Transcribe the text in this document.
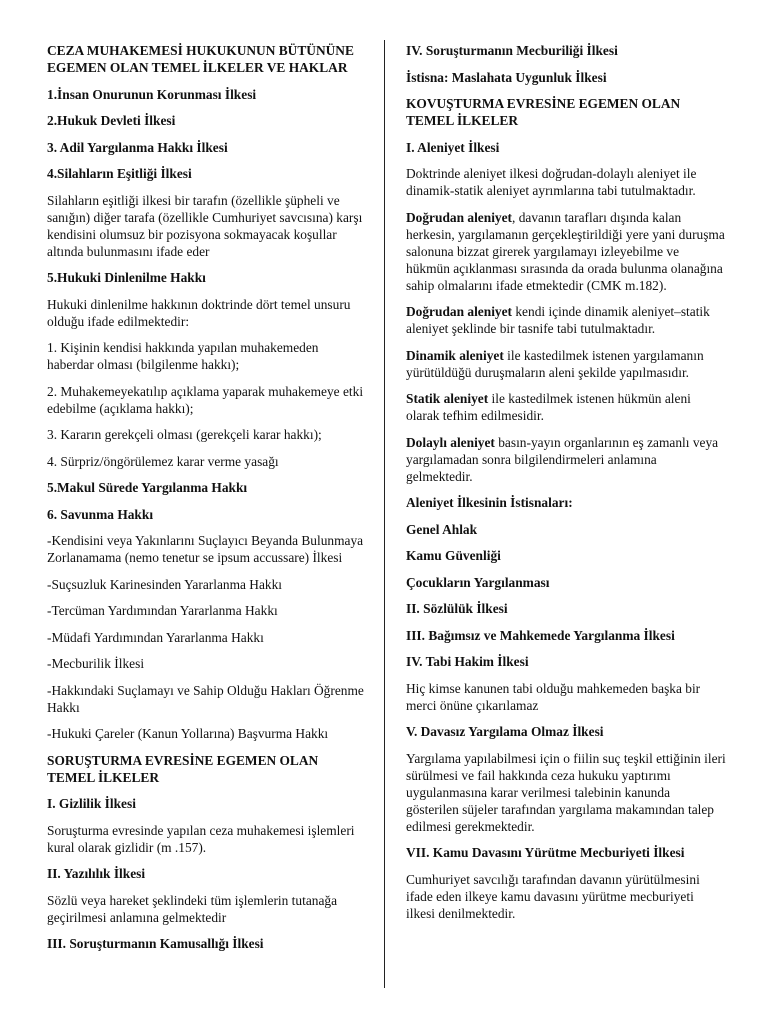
CEZA MUHAKEMESİ HUKUKUNUN BÜTÜNÜNE EGEMEN OLAN TEMEL İLKELER VE HAKLAR
1.İnsan Onurunun Korunması İlkesi
2.Hukuk Devleti İlkesi
3. Adil Yargılanma Hakkı İlkesi
4.Silahların Eşitliği İlkesi
Silahların eşitliği ilkesi bir tarafın (özellikle şüpheli ve sanığın) diğer tarafa (özellikle Cumhuriyet savcısına) karşı kendisini olumsuz bir pozisyona sokmayacak koşullar altında bulunmasını ifade eder
5.Hukuki Dinlenilme Hakkı
Hukuki dinlenilme hakkının doktrinde dört temel unsuru olduğu ifade edilmektedir:
1. Kişinin kendisi hakkında yapılan muhakemeden haberdar olması (bilgilenme hakkı);
2. Muhakemeyekatılıp açıklama yaparak muhakemeye etki edebilme (açıklama hakkı);
3. Kararın gerekçeli olması (gerekçeli karar hakkı);
4. Sürpriz/öngörülemez karar verme yasağı
5.Makul Sürede Yargılanma Hakkı
6. Savunma Hakkı
-Kendisini veya Yakınlarını Suçlayıcı Beyanda Bulunmaya Zorlanamama (nemo tenetur se ipsum accussare) İlkesi
-Suçsuzluk Karinesinden Yararlanma Hakkı
-Tercüman Yardımından Yararlanma Hakkı
-Müdafi Yardımından Yararlanma Hakkı
-Mecburilik İlkesi
-Hakkındaki Suçlamayı ve Sahip Olduğu Hakları Öğrenme Hakkı
-Hukuki Çareler (Kanun Yollarına) Başvurma Hakkı
SORUŞTURMA EVRESİNE EGEMEN OLAN TEMEL İLKELER
I. Gizlilik İlkesi
Soruşturma evresinde yapılan ceza muhakemesi işlemleri kural olarak gizlidir (m .157).
II. Yazılılık İlkesi
Sözlü veya hareket şeklindeki tüm işlemlerin tutanağa geçirilmesi anlamına gelmektedir
III. Soruşturmanın Kamusallığı İlkesi
IV. Soruşturmanın Mecburiliği İlkesi
İstisna: Maslahata Uygunluk İlkesi
KOVUŞTURMA EVRESİNE EGEMEN OLAN TEMEL İLKELER
I. Aleniyet İlkesi
Doktrinde aleniyet ilkesi doğrudan-dolaylı aleniyet ile dinamik-statik aleniyet ayrımlarına tabi tutulmaktadır.
Doğrudan aleniyet, davanın tarafları dışında kalan herkesin, yargılamanın gerçekleştirildiği yere yani duruşma salonuna bizzat girerek yargılamayı izleyebilme ve hükmün açıklanması sırasında da orada bulunma olanağına sahip olmalarını ifade etmektedir (CMK m.182).
Doğrudan aleniyet kendi içinde dinamik aleniyet–statik aleniyet şeklinde bir tasnife tabi tutulmaktadır.
Dinamik aleniyet ile kastedilmek istenen yargılamanın yürütüldüğü duruşmaların aleni şekilde yapılmasıdır.
Statik aleniyet ile kastedilmek istenen hükmün aleni olarak tefhim edilmesidir.
Dolaylı aleniyet basın-yayın organlarının eş zamanlı veya yargılamadan sonra bilgilendirmeleri anlamına gelmektedir.
Aleniyet İlkesinin İstisnaları:
Genel Ahlak
Kamu Güvenliği
Çocukların Yargılanması
II. Sözlülük İlkesi
III. Bağımsız ve Mahkemede Yargılanma İlkesi
IV. Tabi Hakim İlkesi
Hiç kimse kanunen tabi olduğu mahkemeden başka bir merci önüne çıkarılamaz
V. Davasız Yargılama Olmaz İlkesi
Yargılama yapılabilmesi için o fiilin suç teşkil ettiğinin ileri sürülmesi ve fail hakkında ceza hukuku yaptırımı uygulanmasına karar verilmesi talebinin kanunda gösterilen süjeler tarafından yargılama makamından talep edilmesi gerekmektedir.
VII. Kamu Davasını Yürütme Mecburiyeti İlkesi
Cumhuriyet savcılığı tarafından davanın yürütülmesini ifade eden ilkeye kamu davasını yürütme mecburiyeti ilkesi denilmektedir.
